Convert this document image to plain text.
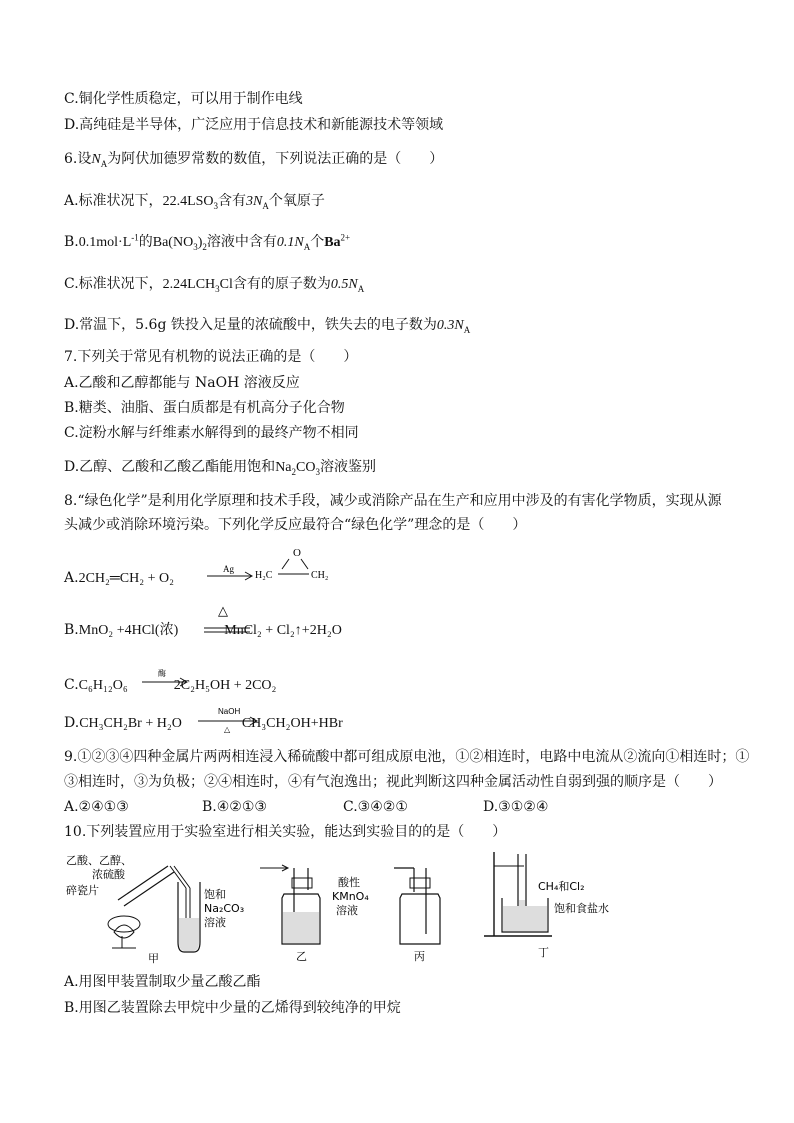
C.铜化学性质稳定，可以用于制作电线
D.高纯硅是半导体，广泛应用于信息技术和新能源技术等领域
6.设$N_A$为阿伏加德罗常数的数值，下列说法正确的是（　　）
A.标准状况下，$22.4LSO_3$含有$3N_A$个氧原子
$B.0.1mol\cdot L^{-1}$的$Ba(NO_3)_2$溶液中含有$0.1N_A$个$Ba^{2+}$
C.标准状况下，$2.24LCH_3Cl$含有的原子数为$0.5N_A$
D.常温下，5.6g 铁投入足量的浓硫酸中，铁失去的电子数为$0.3N_A$
7.下列关于常见有机物的说法正确的是（　　）
A.乙酸和乙醇都能与 NaOH 溶液反应
B.糖类、油脂、蛋白质都是有机高分子化合物
C.淀粉水解与纤维素水解得到的最终产物不相同
D.乙醇、乙酸和乙酸乙酯能用饱和$Na_2CO_3$溶液鉴别
8.“绿色化学”是利用化学原理和技术手段，减少或消除产品在生产和应用中涉及的有害化学物质，实现从源
头减少或消除环境污染。下列化学反应最符合“绿色化学”理念的是（　　）
A.2CH₂═CH₂ + O₂
Ag
O
H₂C	CH₂
B.MnO₂ +4HCl(浓)	MnCl₂ + Cl₂↑+2H₂O
△
C.C₆H₁₂O₆	2C₂H₅OH + 2CO₂
酶
D.CH₃CH₂Br + H₂O	CH₃CH₂OH+HBr
NaOH
△
9.①②③④四种金属片两两相连浸入稀硫酸中都可组成原电池，①②相连时，电路中电流从②流向①相连时；①
③相连时，③为负极；②④相连时，④有气泡逸出；视此判断这四种金属活动性自弱到强的顺序是（　　）
A.②④①③	B.④②①③	C.③④②①	D.③①②④
10.下列装置应用于实验室进行相关实验，能达到实验目的的是（　　）
乙酸、乙醇、
浓硫酸
碎瓷片	饱和
Na₂CO₃
溶液
甲
酸性
KMnO₄
溶液
乙	丙
CH₄和Cl₂
饱和食盐水
丁
A.用图甲装置制取少量乙酸乙酯
B.用图乙装置除去甲烷中少量的乙烯得到较纯净的甲烷
